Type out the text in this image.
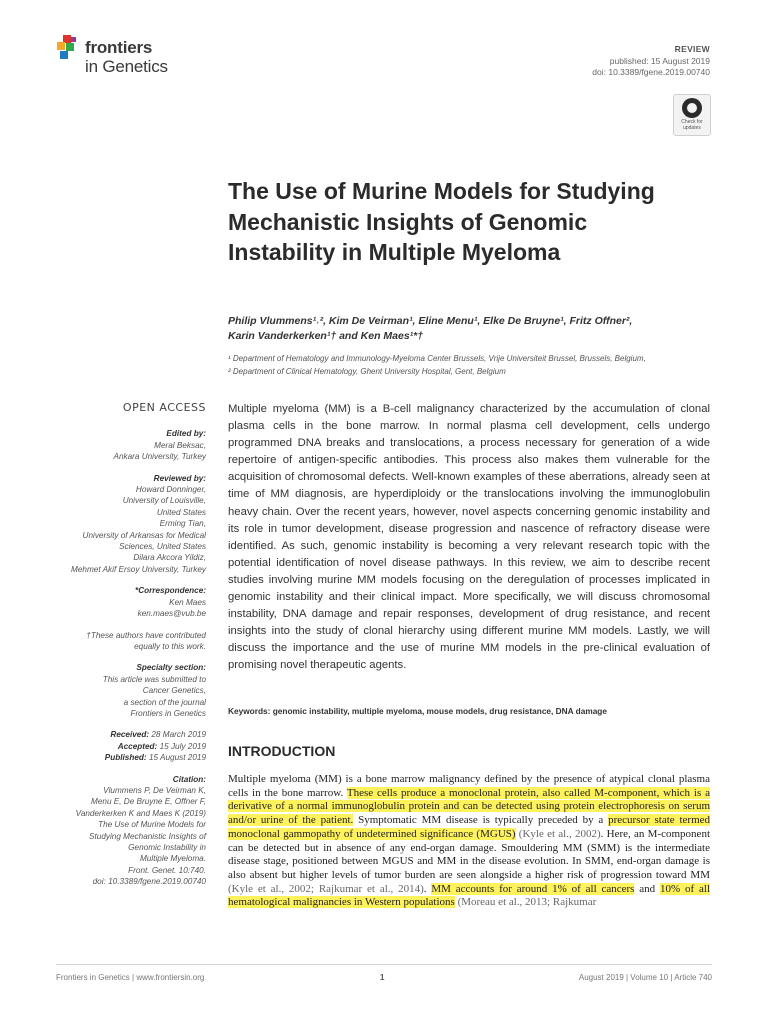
frontiers
in Genetics
REVIEW
published: 15 August 2019
doi: 10.3389/fgene.2019.00740
Check for
updates
The Use of Murine Models for Studying Mechanistic Insights of Genomic Instability in Multiple Myeloma
Philip Vlummens¹˒², Kim De Veirman¹, Eline Menu¹, Elke De Bruyne¹, Fritz Offner²,
Karin Vanderkerken¹† and Ken Maes¹*†
¹ Department of Hematology and Immunology-Myeloma Center Brussels, Vrije Universiteit Brussel, Brussels, Belgium,
² Department of Clinical Hematology, Ghent University Hospital, Gent, Belgium
OPEN ACCESS
Edited by:
Meral Beksac,
Ankara University, Turkey
Reviewed by:
Howard Donninger,
University of Louisville,
United States
Erming Tian,
University of Arkansas for Medical
Sciences, United States
Dilara Akcora Yildiz,
Mehmet Akif Ersoy University, Turkey
*Correspondence:
Ken Maes
ken.maes@vub.be
†These authors have contributed
equally to this work.
Specialty section:
This article was submitted to
Cancer Genetics,
a section of the journal
Frontiers in Genetics
Received: 28 March 2019
Accepted: 15 July 2019
Published: 15 August 2019
Citation:
Vlummens P, De Veirman K,
Menu E, De Bruyne E, Offner F,
Vanderkerken K and Maes K (2019)
The Use of Murine Models for
Studying Mechanistic Insights of
Genomic Instability in
Multiple Myeloma.
Front. Genet. 10:740.
doi: 10.3389/fgene.2019.00740

Multiple myeloma (MM) is a B-cell malignancy characterized by the accumulation of clonal plasma cells in the bone marrow. In normal plasma cell development, cells undergo programmed DNA breaks and translocations, a process necessary for generation of a wide repertoire of antigen-specific antibodies. This process also makes them vulnerable for the acquisition of chromosomal defects. Well-known examples of these aberrations, already seen at time of MM diagnosis, are hyperdiploidy or the translocations involving the immunoglobulin heavy chain. Over the recent years, however, novel aspects concerning genomic instability and its role in tumor development, disease progression and nascence of refractory disease were identified. As such, genomic instability is becoming a very relevant research topic with the potential identification of novel disease pathways. In this review, we aim to describe recent studies involving murine MM models focusing on the deregulation of processes implicated in genomic instability and their clinical impact. More specifically, we will discuss chromosomal instability, DNA damage and repair responses, development of drug resistance, and recent insights into the study of clonal hierarchy using different murine MM models. Lastly, we will discuss the importance and the use of murine MM models in the pre-clinical evaluation of promising novel therapeutic agents.

Keywords: genomic instability, multiple myeloma, mouse models, drug resistance, DNA damage
INTRODUCTION

Multiple myeloma (MM) is a bone marrow malignancy defined by the presence of atypical clonal plasma cells in the bone marrow. These cells produce a monoclonal protein, also called M-component, which is a derivative of a normal immunoglobulin protein and can be detected using protein electrophoresis on serum and/or urine of the patient. Symptomatic MM disease is typically preceded by a precursor state termed monoclonal gammopathy of undetermined significance (MGUS) (Kyle et al., 2002). Here, an M-component can be detected but in absence of any end-organ damage. Smouldering MM (SMM) is the intermediate disease stage, positioned between MGUS and MM in the disease evolution. In SMM, end-organ damage is also absent but higher levels of tumor burden are seen alongside a higher risk of progression toward MM (Kyle et al., 2002; Rajkumar et al., 2014). MM accounts for around 1% of all cancers and 10% of all hematological malignancies in Western populations (Moreau et al., 2013; Rajkumar

Frontiers in Genetics | www.frontiersin.org	1	August 2019 | Volume 10 | Article 740
